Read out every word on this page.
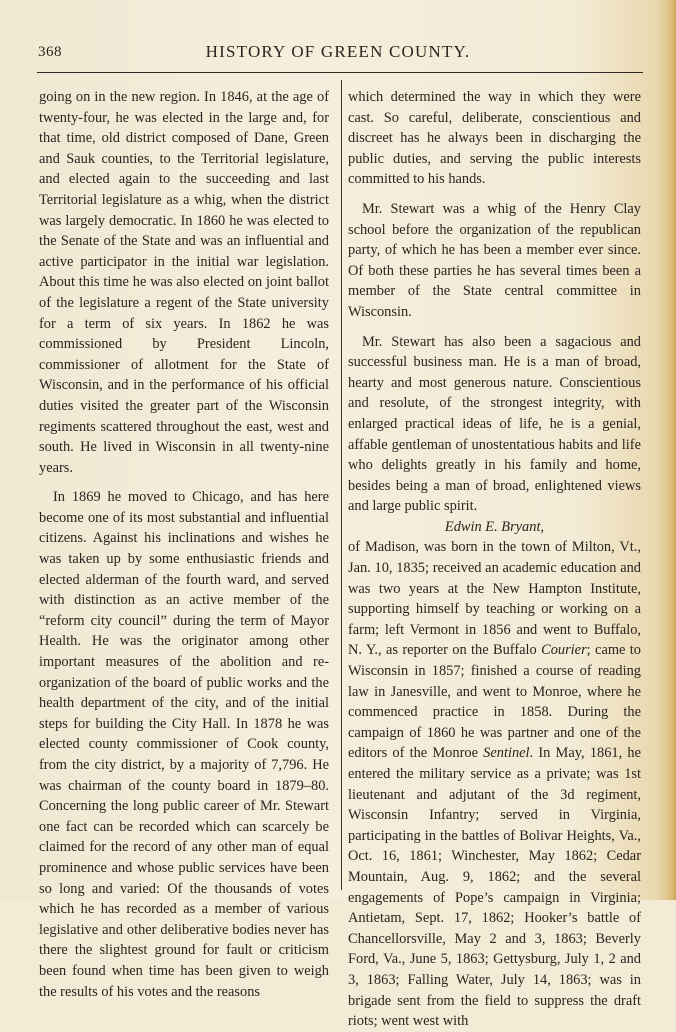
368	HISTORY OF GREEN COUNTY.

going on in the new region. In 1846, at the age of twenty-four, he was elected in the large and, for that time, old district composed of Dane, Green and Sauk counties, to the Territorial legislature, and elected again to the succeeding and last Territorial legislature as a whig, when the district was largely democratic. In 1860 he was elected to the Senate of the State and was an influential and active participator in the initial war legislation. About this time he was also elected on joint ballot of the legislature a regent of the State university for a term of six years. In 1862 he was commissioned by President Lincoln, commissioner of allotment for the State of Wisconsin, and in the performance of his official duties visited the greater part of the Wisconsin regiments scattered throughout the east, west and south. He lived in Wisconsin in all twenty-nine years.

In 1869 he moved to Chicago, and has here become one of its most substantial and influential citizens. Against his inclinations and wishes he was taken up by some enthusiastic friends and elected alderman of the fourth ward, and served with distinction as an active member of the “reform city council” during the term of Mayor Health. He was the originator among other important measures of the abolition and re-organization of the board of public works and the health department of the city, and of the initial steps for building the City Hall. In 1878 he was elected county commissioner of Cook county, from the city district, by a majority of 7,796. He was chairman of the county board in 1879–80. Concerning the long public career of Mr. Stewart one fact can be recorded which can scarcely be claimed for the record of any other man of equal prominence and whose public services have been so long and varied: Of the thousands of votes which he has recorded as a member of various legislative and other deliberative bodies never has there the slightest ground for fault or criticism been found when time has been given to weigh the results of his votes and the reasons

which determined the way in which they were cast. So careful, deliberate, conscientious and discreet has he always been in discharging the public duties, and serving the public interests committed to his hands.

Mr. Stewart was a whig of the Henry Clay school before the organization of the republican party, of which he has been a member ever since. Of both these parties he has several times been a member of the State central committee in Wisconsin.

Mr. Stewart has also been a sagacious and successful business man. He is a man of broad, hearty and most generous nature. Conscientious and resolute, of the strongest integrity, with enlarged practical ideas of life, he is a genial, affable gentleman of unostentatious habits and life who delights greatly in his family and home, besides being a man of broad, enlightened views and large public spirit.

Edwin E. Bryant,

of Madison, was born in the town of Milton, Vt., Jan. 10, 1835; received an academic education and was two years at the New Hampton Institute, supporting himself by teaching or working on a farm; left Vermont in 1856 and went to Buffalo, N. Y., as reporter on the Buffalo Courier; came to Wisconsin in 1857; finished a course of reading law in Janesville, and went to Monroe, where he commenced practice in 1858. During the campaign of 1860 he was partner and one of the editors of the Monroe Sentinel. In May, 1861, he entered the military service as a private; was 1st lieutenant and adjutant of the 3d regiment, Wisconsin Infantry; served in Virginia, participating in the battles of Bolivar Heights, Va., Oct. 16, 1861; Winchester, May 1862; Cedar Mountain, Aug. 9, 1862; and the several engagements of Pope’s campaign in Virginia; Antietam, Sept. 17, 1862; Hooker’s battle of Chancellorsville, May 2 and 3, 1863; Beverly Ford, Va., June 5, 1863; Gettysburg, July 1, 2 and 3, 1863; Falling Water, July 14, 1863; was in brigade sent from the field to suppress the draft riots; went west with
